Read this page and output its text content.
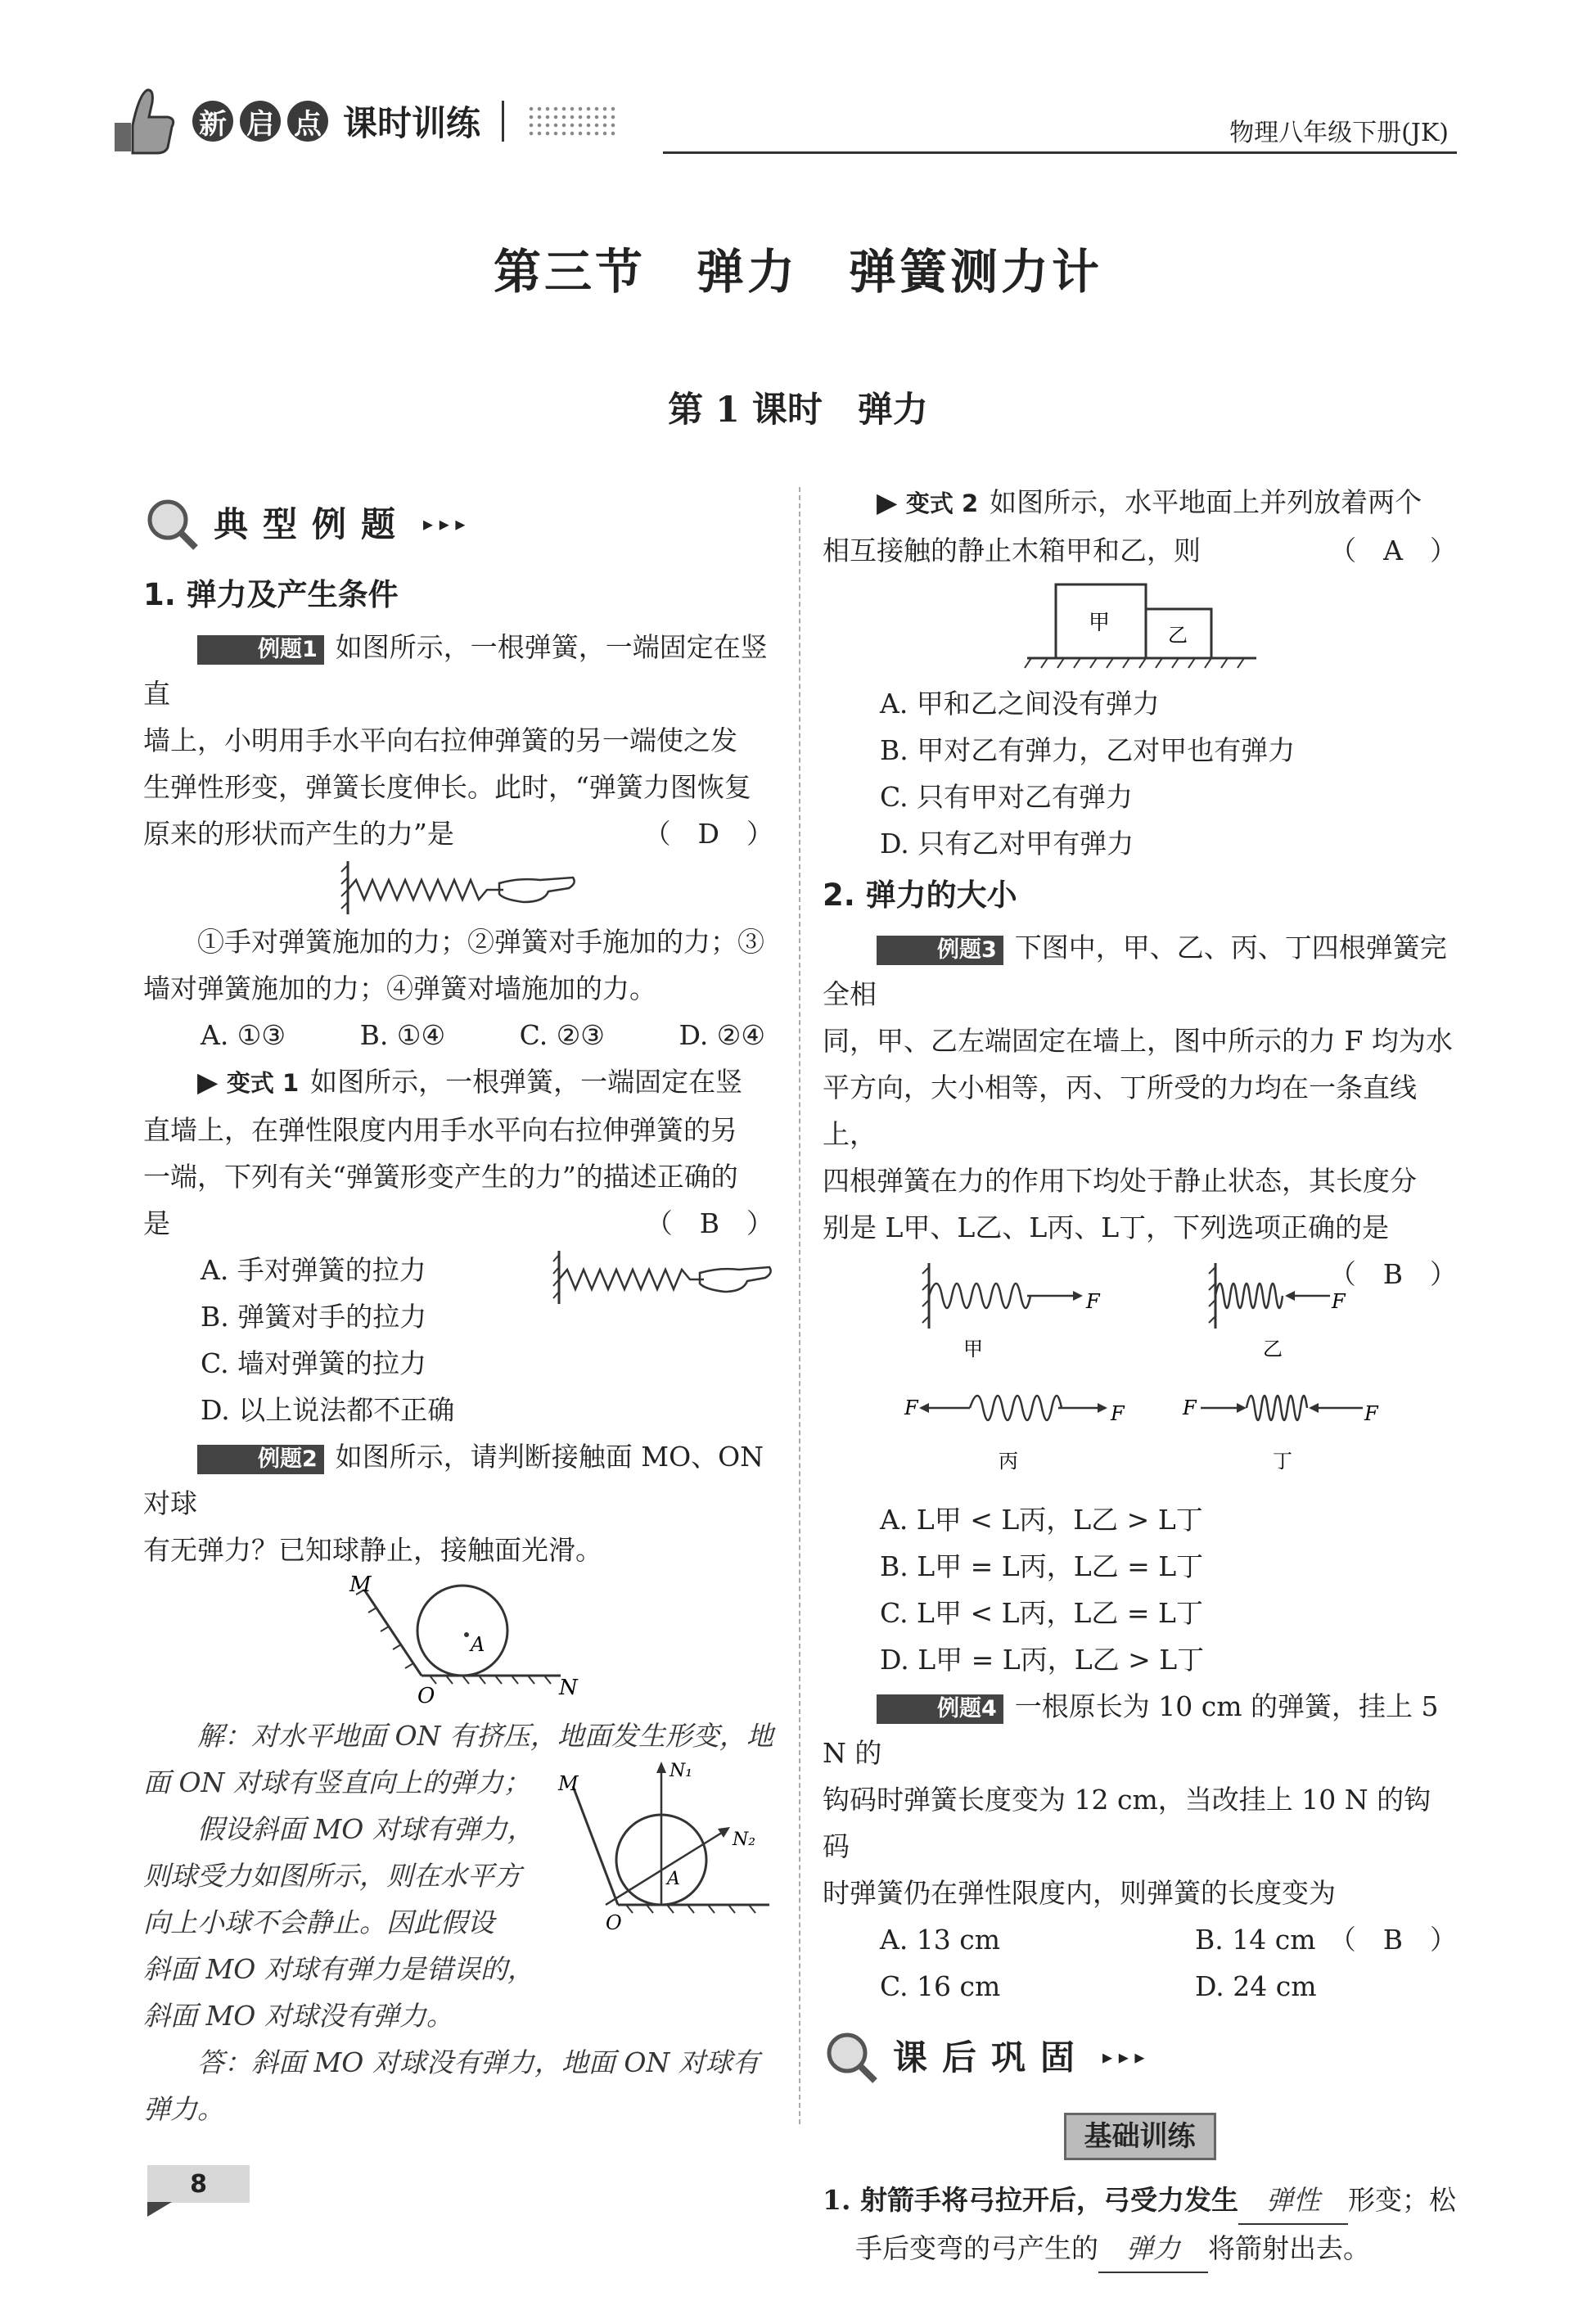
新 启 点 课时训练	物理八年级下册(JK)
第三节　弹力　弹簧测力计
第 1 课时　弹力
典型例题 ▸ ▸ ▸

1. 弹力及产生条件

例题1 如图所示，一根弹簧，一端固定在竖直

墙上，小明用手水平向右拉伸弹簧的另一端使之发

生弹性形变，弹簧长度伸长。此时，“弹簧力图恢复

原来的形状而产生的力”是	（　D　）

①手对弹簧施加的力；②弹簧对手施加的力；③

墙对弹簧施加的力；④弹簧对墙施加的力。

A. ①③	B. ①④	C. ②③	D. ②④

▶ 变式 1 如图所示，一根弹簧，一端固定在竖

直墙上，在弹性限度内用手水平向右拉伸弹簧的另

一端，下列有关“弹簧形变产生的力”的描述正确的

是	（　B　）

A. 手对弹簧的拉力

B. 弹簧对手的拉力

C. 墙对弹簧的拉力

D. 以上说法都不正确

例题2 如图所示，请判断接触面 MO、ON 对球

有无弹力？已知球静止，接触面光滑。

M
A
O	N

解：对水平地面 ON 有挤压，地面发生形变，地

面 ON 对球有竖直向上的弹力；

假设斜面 MO 对球有弹力，

则球受力如图所示，则在水平方

向上小球不会静止。因此假设

斜面 MO 对球有弹力是错误的，

斜面 MO 对球没有弹力。

答：斜面 MO 对球没有弹力，地面 ON 对球有

弹力。

M
N₁
N₂
A
O
8

▶ 变式 2 如图所示，水平地面上并列放着两个

相互接触的静止木箱甲和乙，则	（　A　）

甲	乙

A. 甲和乙之间没有弹力

B. 甲对乙有弹力，乙对甲也有弹力

C. 只有甲对乙有弹力

D. 只有乙对甲有弹力

2. 弹力的大小

例题3 下图中，甲、乙、丙、丁四根弹簧完全相

同，甲、乙左端固定在墙上，图中所示的力 F 均为水

平方向，大小相等，丙、丁所受的力均在一条直线上，

四根弹簧在力的作用下均处于静止状态，其长度分

别是 L甲、L乙、L丙、L丁，下列选项正确的是
（　B　）

F
甲
F
乙
F	F
丙
F	F
丁

A. L甲 < L丙，L乙 > L丁

B. L甲 = L丙，L乙 = L丁

C. L甲 < L丙，L乙 = L丁

D. L甲 = L丙，L乙 > L丁

例题4 一根原长为 10 cm 的弹簧，挂上 5 N 的

钩码时弹簧长度变为 12 cm，当改挂上 10 N 的钩码

时弹簧仍在弹性限度内，则弹簧的长度变为
（　B　）

A. 13 cm	B. 14 cm

C. 16 cm	D. 24 cm

课后巩固 ▸ ▸ ▸
基础训练

1. 射箭手将弓拉开后，弓受力发生 弹性 形变；松

手后变弯的弓产生的 弹力 将箭射出去。
